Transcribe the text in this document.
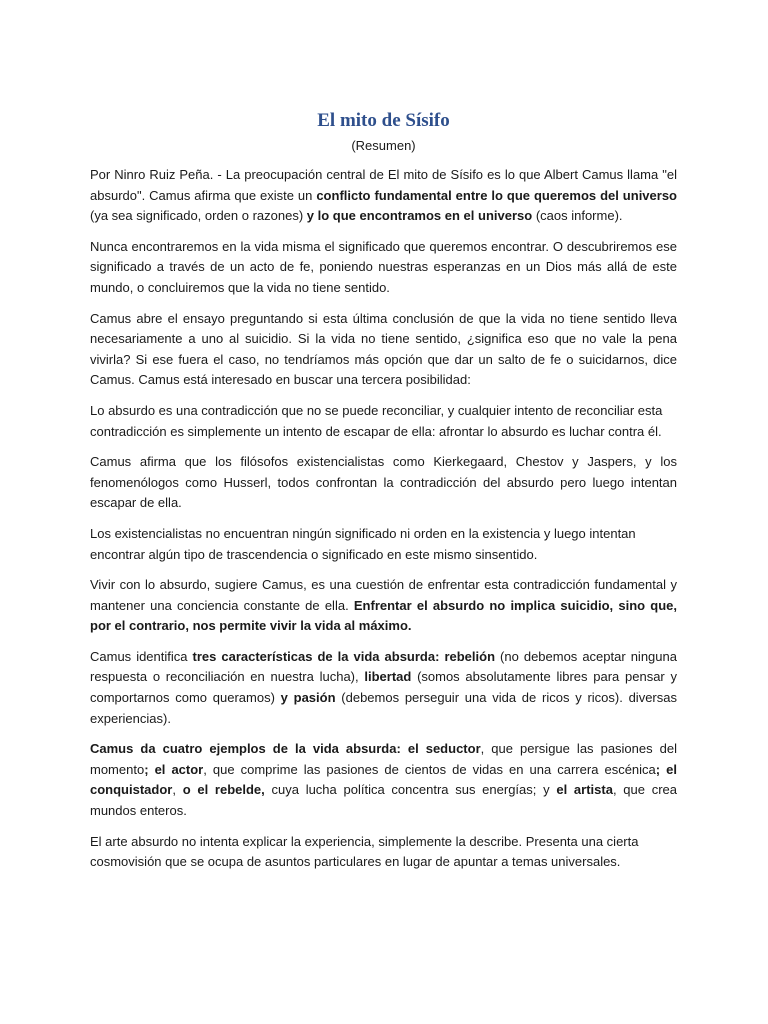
El mito de Sísifo
(Resumen)

Por Ninro Ruiz Peña. - La preocupación central de El mito de Sísifo es lo que Albert Camus llama "el absurdo". Camus afirma que existe un conflicto fundamental entre lo que queremos del universo (ya sea significado, orden o razones) y lo que encontramos en el universo (caos informe).

Nunca encontraremos en la vida misma el significado que queremos encontrar. O descubriremos ese significado a través de un acto de fe, poniendo nuestras esperanzas en un Dios más allá de este mundo, o concluiremos que la vida no tiene sentido.

Camus abre el ensayo preguntando si esta última conclusión de que la vida no tiene sentido lleva necesariamente a uno al suicidio. Si la vida no tiene sentido, ¿significa eso que no vale la pena vivirla? Si ese fuera el caso, no tendríamos más opción que dar un salto de fe o suicidarnos, dice Camus. Camus está interesado en buscar una tercera posibilidad:

Lo absurdo es una contradicción que no se puede reconciliar, y cualquier intento de reconciliar esta contradicción es simplemente un intento de escapar de ella: afrontar lo absurdo es luchar contra él.

Camus afirma que los filósofos existencialistas como Kierkegaard, Chestov y Jaspers, y los fenomenólogos como Husserl, todos confrontan la contradicción del absurdo pero luego intentan escapar de ella.

Los existencialistas no encuentran ningún significado ni orden en la existencia y luego intentan encontrar algún tipo de trascendencia o significado en este mismo sinsentido.

Vivir con lo absurdo, sugiere Camus, es una cuestión de enfrentar esta contradicción fundamental y mantener una conciencia constante de ella. Enfrentar el absurdo no implica suicidio, sino que, por el contrario, nos permite vivir la vida al máximo.

Camus identifica tres características de la vida absurda: rebelión (no debemos aceptar ninguna respuesta o reconciliación en nuestra lucha), libertad (somos absolutamente libres para pensar y comportarnos como queramos) y pasión (debemos perseguir una vida de ricos y ricos). diversas experiencias).

Camus da cuatro ejemplos de la vida absurda: el seductor, que persigue las pasiones del momento; el actor, que comprime las pasiones de cientos de vidas en una carrera escénica; el conquistador, o el rebelde, cuya lucha política concentra sus energías; y el artista, que crea mundos enteros.

El arte absurdo no intenta explicar la experiencia, simplemente la describe. Presenta una cierta cosmovisión que se ocupa de asuntos particulares en lugar de apuntar a temas universales.
